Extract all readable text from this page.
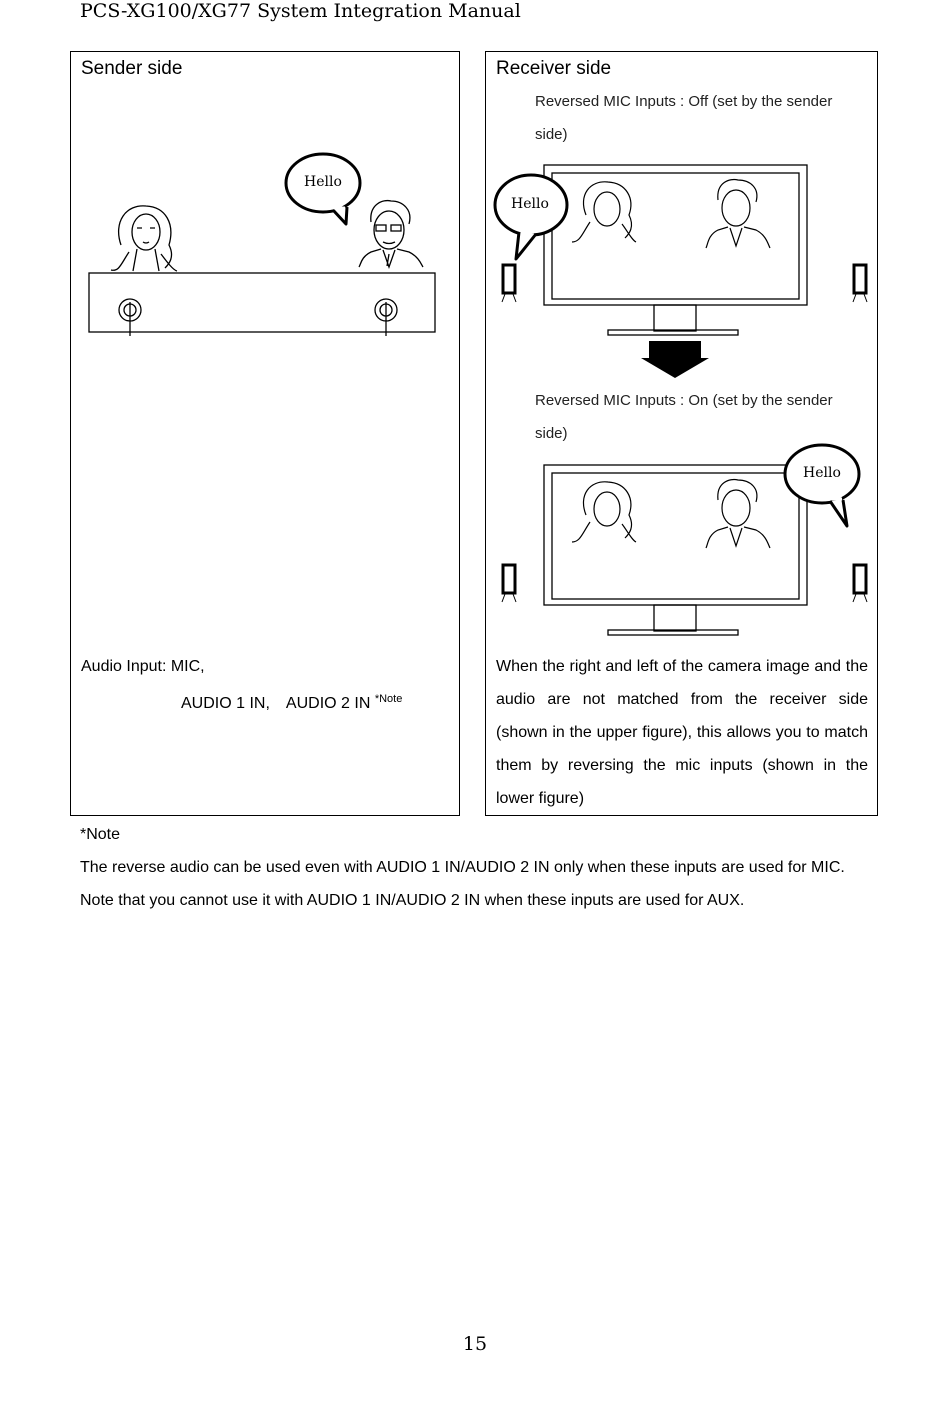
PCS-XG100/XG77 System Integration Manual
Sender side
Hello
Audio Input: MIC,
AUDIO 1 IN,　AUDIO 2 IN $^{*Note}$
Receiver side
Reversed MIC Inputs : Off (set by the sender
side)
Reversed MIC Inputs : On (set by the sender
side)
Hello
Hello
When the right and left of the camera image and the audio are not matched from the receiver side (shown in the upper figure), this allows you to match them by reversing the mic inputs (shown in the lower figure)
*Note
The reverse audio can be used even with AUDIO 1 IN/AUDIO 2 IN only when these inputs are used for MIC.
Note that you cannot use it with AUDIO 1 IN/AUDIO 2 IN when these inputs are used for AUX.
15
